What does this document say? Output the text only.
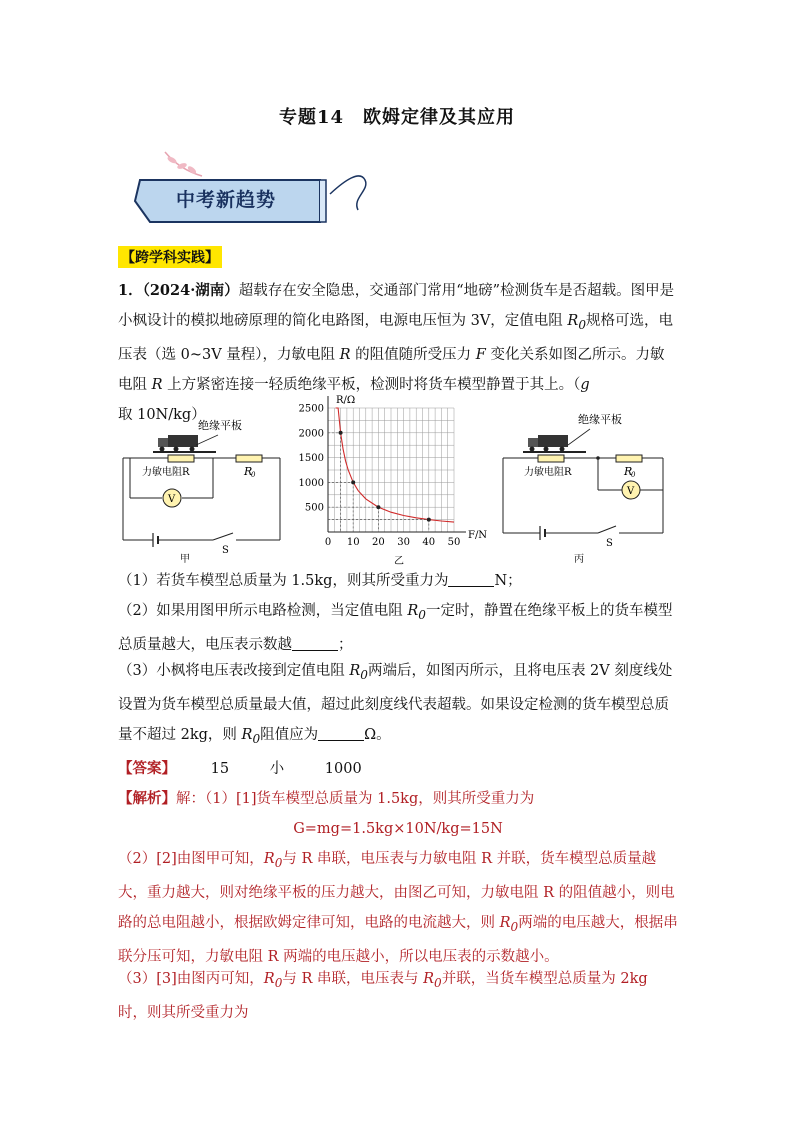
专题14　欧姆定律及其应用
中考新趋势
【跨学科实践】
1．（2024·湖南）超载存在安全隐患，交通部门常用“地磅”检测货车是否超载。图甲是小枫设计的模拟地磅原理的简化电路图，电源电压恒为 3V，定值电阻 $R_0$规格可选，电压表（选 0~3V 量程），力敏电阻 R 的阻值随所受压力 F 变化关系如图乙所示。力敏电阻 R 上方紧密连接一轻质绝缘平板，检测时将货车模型静置于其上。（g 取 10N/kg）
绝缘平板
力敏电阻R	R
0
V
S
甲
500
1000
1500
2000
2500
0 10 20 30 40 50
R/Ω
F/N
乙
绝缘平板
力敏电阻R	R
0
V
S
丙
（1）若货车模型总质量为 1.5kg，则其所受重力为	N；
（2）如果用图甲所示电路检测，当定值电阻 $R_0$一定时，静置在绝缘平板上的货车模型总质量越大，电压表示数越	；
（3）小枫将电压表改接到定值电阻 $R_0$两端后，如图丙所示，且将电压表 2V 刻度线处设置为货车模型总质量最大值，超过此刻度线代表超载。如果设定检测的货车模型总质量不超过 2kg，则 $R_0$阻值应为	Ω。
【答案】 15	小	1000
【解析】解：（1）[1]货车模型总质量为 1.5kg，则其所受重力为
G=mg=1.5kg×10N/kg=15N
（2）[2]由图甲可知，$R_0$与 R 串联，电压表与力敏电阻 R 并联，货车模型总质量越大，重力越大，则对绝缘平板的压力越大，由图乙可知，力敏电阻 R 的阻值越小，则电路的总电阻越小，根据欧姆定律可知，电路的电流越大，则 $R_0$两端的电压越大，根据串联分压可知，力敏电阻 R 两端的电压越小，所以电压表的示数越小。
（3）[3]由图丙可知，$R_0$与 R 串联，电压表与 $R_0$并联，当货车模型总质量为 2kg 时，则其所受重力为
